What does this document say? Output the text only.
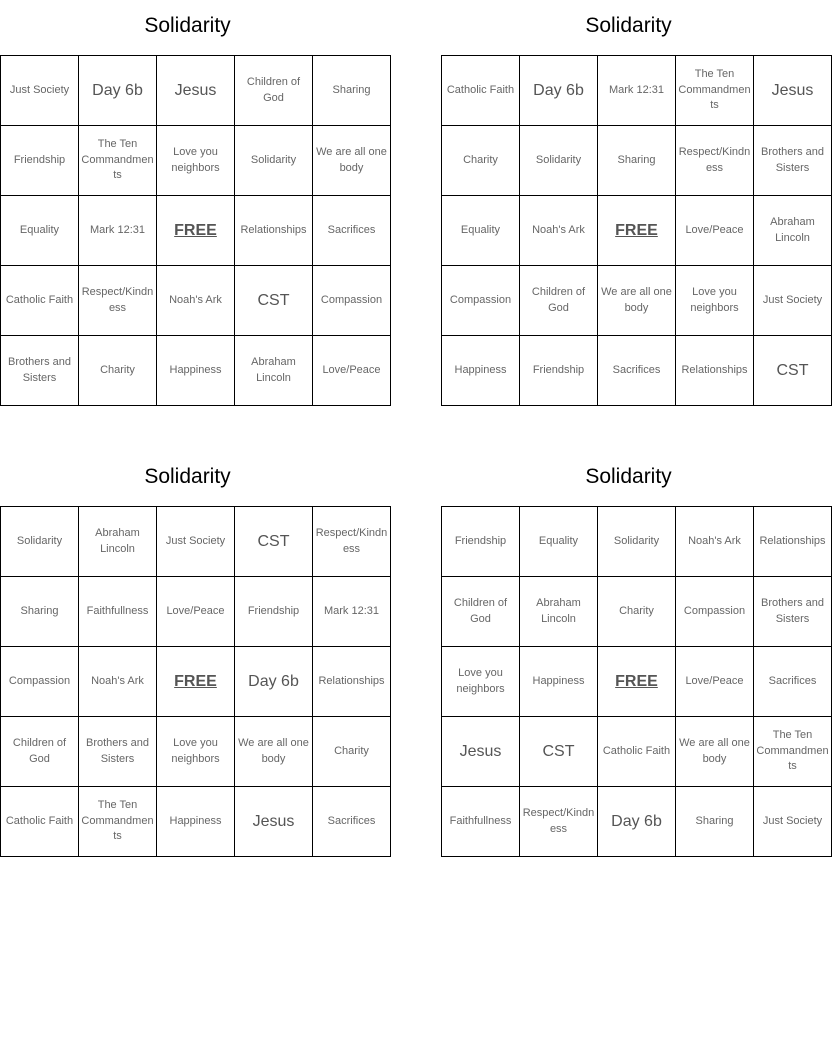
Solidarity
Just Society	Day 6b	Jesus	Children of God	Sharing
Friendship	The Ten Commandments	Love you neighbors	Solidarity	We are all one body
Equality	Mark 12:31	FREE	Relationships	Sacrifices
Catholic Faith	Respect/Kindness	Noah's Ark	CST	Compassion
Brothers and Sisters	Charity	Happiness	Abraham Lincoln	Love/Peace
Solidarity
Catholic Faith	Day 6b	Mark 12:31	The Ten Commandments	Jesus
Charity	Solidarity	Sharing	Respect/Kindness	Brothers and Sisters
Equality	Noah's Ark	FREE	Love/Peace	Abraham Lincoln
Compassion	Children of God	We are all one body	Love you neighbors	Just Society
Happiness	Friendship	Sacrifices	Relationships	CST
Solidarity
Solidarity	Abraham Lincoln	Just Society	CST	Respect/Kindness
Sharing	Faithfullness	Love/Peace	Friendship	Mark 12:31
Compassion	Noah's Ark	FREE	Day 6b	Relationships
Children of God	Brothers and Sisters	Love you neighbors	We are all one body	Charity
Catholic Faith	The Ten Commandments	Happiness	Jesus	Sacrifices
Solidarity
Friendship	Equality	Solidarity	Noah's Ark	Relationships
Children of God	Abraham Lincoln	Charity	Compassion	Brothers and Sisters
Love you neighbors	Happiness	FREE	Love/Peace	Sacrifices
Jesus	CST	Catholic Faith	We are all one body	The Ten Commandments
Faithfullness	Respect/Kindness	Day 6b	Sharing	Just Society
